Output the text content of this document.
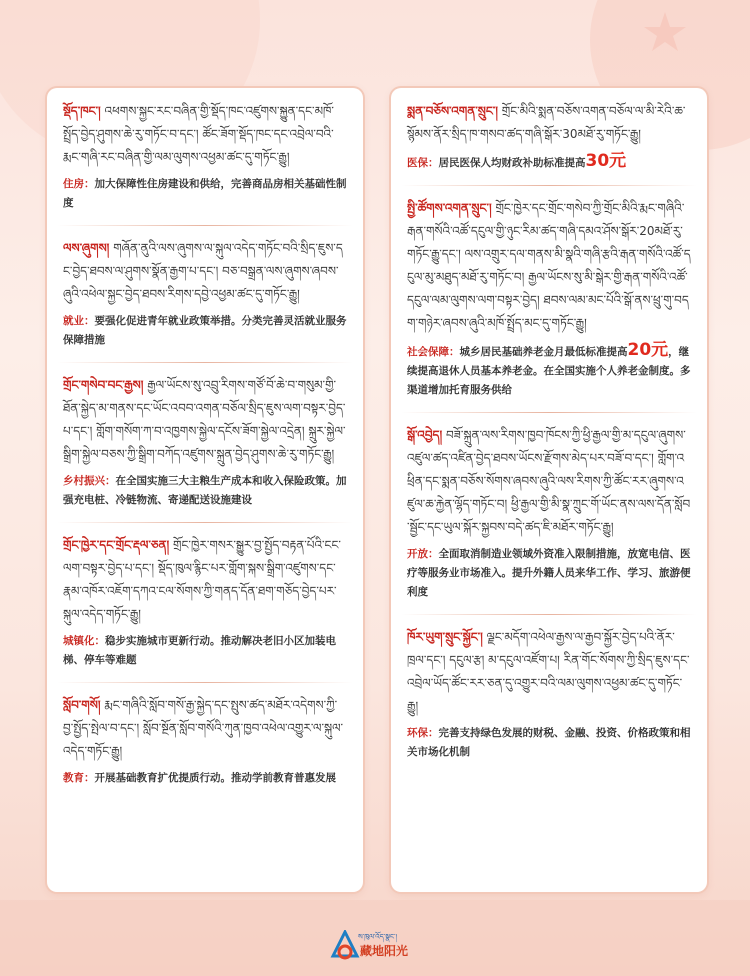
སྡོད་ཁང་། འཕགས་སྐྱང་རང་བཞིན་གྱི་སྡོད་ཁང་འཛུགས་སྐྱུན་དང་མཁོ་སྤྲོད་བྱེད་ཤུགས་ཆེ་རུ་གཏོང་བ་དང་། ཚོང་ཟོག་སྡོད་ཁང་དང་འབྲེལ་བའི་རྨང་གཞི་རང་བཞིན་གྱི་ལམ་ལུགས་འཕྱམ་ཚང་དུ་གཏོང་རྒྱུ།

住房：加大保障性住房建设和供给，完善商品房相关基础性制度

ལས་ཞུགས། གཞོན་ནུའི་ལས་ཞུགས་ལ་སྐུལ་འདེད་གཏོང་བའི་སྲིད་ཇུས་དང་བྱེད་ཐབས་ལ་ཤུགས་སྣོན་རྒྱག་པ་དང་། བཅ་བསྒྲན་ལས་ཞུགས་ཞབས་ཞུའི་འཕེལ་སྐྱང་བྱེད་ཐབས་རིགས་དབྱེ་འཕྱམ་ཚང་དུ་གཏོང་རྒྱུ།

就业：要强化促进青年就业政策举措。分类完善灵活就业服务保障措施

གྲོང་གསེབ་བང་རྒྱས། རྒྱལ་ཡོངས་སུ་འབྲུ་རིགས་གཙོ་བོ་ཆེ་བ་གསུམ་གྱི་ཐོན་སྐྱེད་མ་གནས་དང་ཡོང་འབབ་འགན་བཅོལ་སྲིད་ཇུས་ལག་བསྟར་བྱེད་པ་དང་། གློག་གསོག་ཀ་བ་འཁྱགས་སྐྱེལ་དངོས་ཟོག་སྐྱེལ་འདྲེན། སྐྲུར་སྐྱེལ་སྒྲིག་སྐྱེལ་བཅས་ཀྱི་སྒྲིག་བཀོད་འཛུགས་སྐྲུན་བྱེད་ཤུགས་ཆེ་རུ་གཏོང་རྒྱུ།

乡村振兴：在全国实施三大主粮生产成本和收入保险政策。加强充电桩、冷链物流、寄递配送设施建设

གྲོང་ཁྱེར་དང་གྲོང་རྡལ་ཅན། གྲོང་ཁྱེར་གསར་སྒྱུར་བྱ་སྤྱོད་བརྟན་པོའི་ངང་ལག་བསྟར་བྱེད་པ་དང་། སྡོད་ཁུལ་རྙིང་པར་གློག་སྐས་སྒྲིག་འཛུགས་དང་རྣམ་འཁོར་འཇོག་དཀའ་ངལ་སོགས་ཀྱི་གནད་དོན་ཐག་གཅོད་བྱེད་པར་སྐུལ་འདེད་གཏོང་རྒྱུ།

城镇化：稳步实施城市更新行动。推动解决老旧小区加装电梯、停车等难题

སློབ་གསོ། རྨང་གཞིའི་སློབ་གསོ་རྒྱ་སྐྱེད་དང་སྤུས་ཚད་མཐོར་འདེགས་ཀྱི་བྱ་སྤྱོད་སྤེལ་བ་དང་། སློབ་སྔོན་སློབ་གསོའི་ཀུན་ཁྱབ་འཕེལ་འགྱུར་ལ་སྐུལ་འདེད་གཏོང་རྒྱུ།

教育：开展基础教育扩优提质行动。推动学前教育普惠发展

སྨན་བཅོས་འགན་སྲུང་། གྲོང་མིའི་སྨན་བཅོས་འགན་བཅོལ་ལ་མི་རེའི་ཆ་སྙོམས་ནོར་སྲིད་ཁ་གསབ་ཚད་གཞི་སྒོར་30མཐོ་རུ་གཏོང་རྒྱུ།

医保：居民医保人均财政补助标准提高30元

སྤྱི་ཚོགས་འགན་སྲུང་། གྲོང་ཁྱེར་དང་གྲོང་གསེབ་ཀྱི་གྲོང་མིའི་རྨང་གཞིའི་རྒན་གསོའི་འཚོ་དངུལ་གྱི་ཉུང་རིམ་ཚད་གཞི་དམའ་ཤོས་སྒོར་20མཐོ་རུ་གཏོང་རྒྱུ་དང་། ལས་འགྲུར་དལ་གནས་མི་སྣའི་གཞི་རྩའི་རྒན་གསོའི་འཚོ་དངུལ་མུ་མཐུད་མཐོ་རུ་གཏོང་བ། རྒྱལ་ཡོངས་སུ་མི་སྒེར་གྱི་རྒན་གསོའི་འཚོ་དངུལ་ལམ་ལུགས་ལག་བསྟར་བྱེད། ཐབས་ལམ་མང་པོའི་སྒོ་ནས་ཕྲུ་གུ་བདག་གཉེར་ཞབས་ཞུའི་མཁོ་སྤྲོད་མང་དུ་གཏོང་རྒྱུ།

社会保障：城乡居民基础养老金月最低标准提高20元，继续提高退休人员基本养老金。在全国实施个人养老金制度。多渠道增加托育服务供给

སྒོ་འབྱེད། བཟོ་སྐྲུན་ལས་རིགས་ཁྱབ་ཁོངས་ཀྱི་ཕྱི་རྒྱལ་གྱི་མ་དངུལ་ཞུགས་འཛུལ་ཚད་འཛིན་བྱེད་ཐབས་ཡོངས་རྫོགས་མེད་པར་བཟོ་བ་དང་། གློག་འཕྲིན་དང་སྨན་བཅོས་སོགས་ཞབས་ཞུའི་ལས་རིགས་ཀྱི་ཚོང་རར་ཞུགས་འཛུལ་ཆ་རྐྱེན་ལྷོད་གཏོང་བ། ཕྱི་རྒྱལ་གྱི་མི་སྣ་ཀྲུང་གོ་ཡོང་ནས་ལས་དོན་སློབ་སྦྱོང་དང་ཡུལ་སྐོར་སྐྱབས་བདེ་ཚད་ཇི་མཐོར་གཏོང་རྒྱུ།

开放：全面取消制造业领域外资准入限制措施，放宽电信、医疗等服务业市场准入。提升外籍人员来华工作、学习、旅游便利度

ཁོར་ཡུག་སྲུང་སྐྱོང་། ལྗང་མདོག་འཕེལ་རྒྱས་ལ་རྒྱབ་སྐྱོར་བྱེད་པའི་ནོར་ཁྲལ་དང་། དངུལ་རྩ། མ་དངུལ་འཛོག་པ། རིན་གོང་སོགས་ཀྱི་སྲིད་ཇུས་དང་འབྲེལ་ཡོད་ཚོང་རར་ཅན་དུ་འགྱུར་བའི་ལམ་ལུགས་འཕྱམ་ཚང་དུ་གཏོང་རྒྱུ།

环保：完善支持绿色发展的财税、金融、投资、价格政策和相关市场化机制

ས་ཁུལ་འོད་སྣང་།
藏地阳光
